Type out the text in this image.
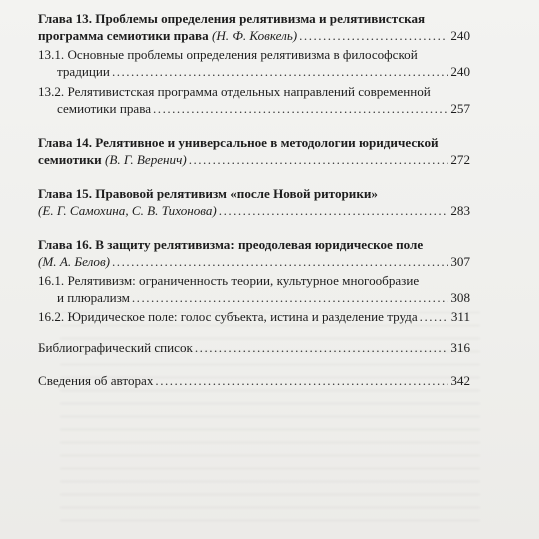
Глава 13. Проблемы определения релятивизма и релятивистская
программа семиотики права (Н. Ф. Ковкель) .....	240
13.1. Основные проблемы определения релятивизма в философской
традиции .....	240
13.2. Релятивистская программа отдельных направлений современной
семиотики права .....	257
Глава 14. Релятивное и универсальное в методологии юридической
семиотики (В. Г. Веренич) .....	272
Глава 15. Правовой релятивизм «после Новой риторики»
(Е. Г. Самохина, С. В. Тихонова) .....	283
Глава 16. В защиту релятивизма: преодолевая юридическое поле
(М. А. Белов) .....	307
16.1. Релятивизм: ограниченность теории, культурное многообразие
и плюрализм .....	308
16.2. Юридическое поле: голос субъекта, истина и разделение труда .....	311
Библиографический список .....	316
Сведения об авторах .....	342
